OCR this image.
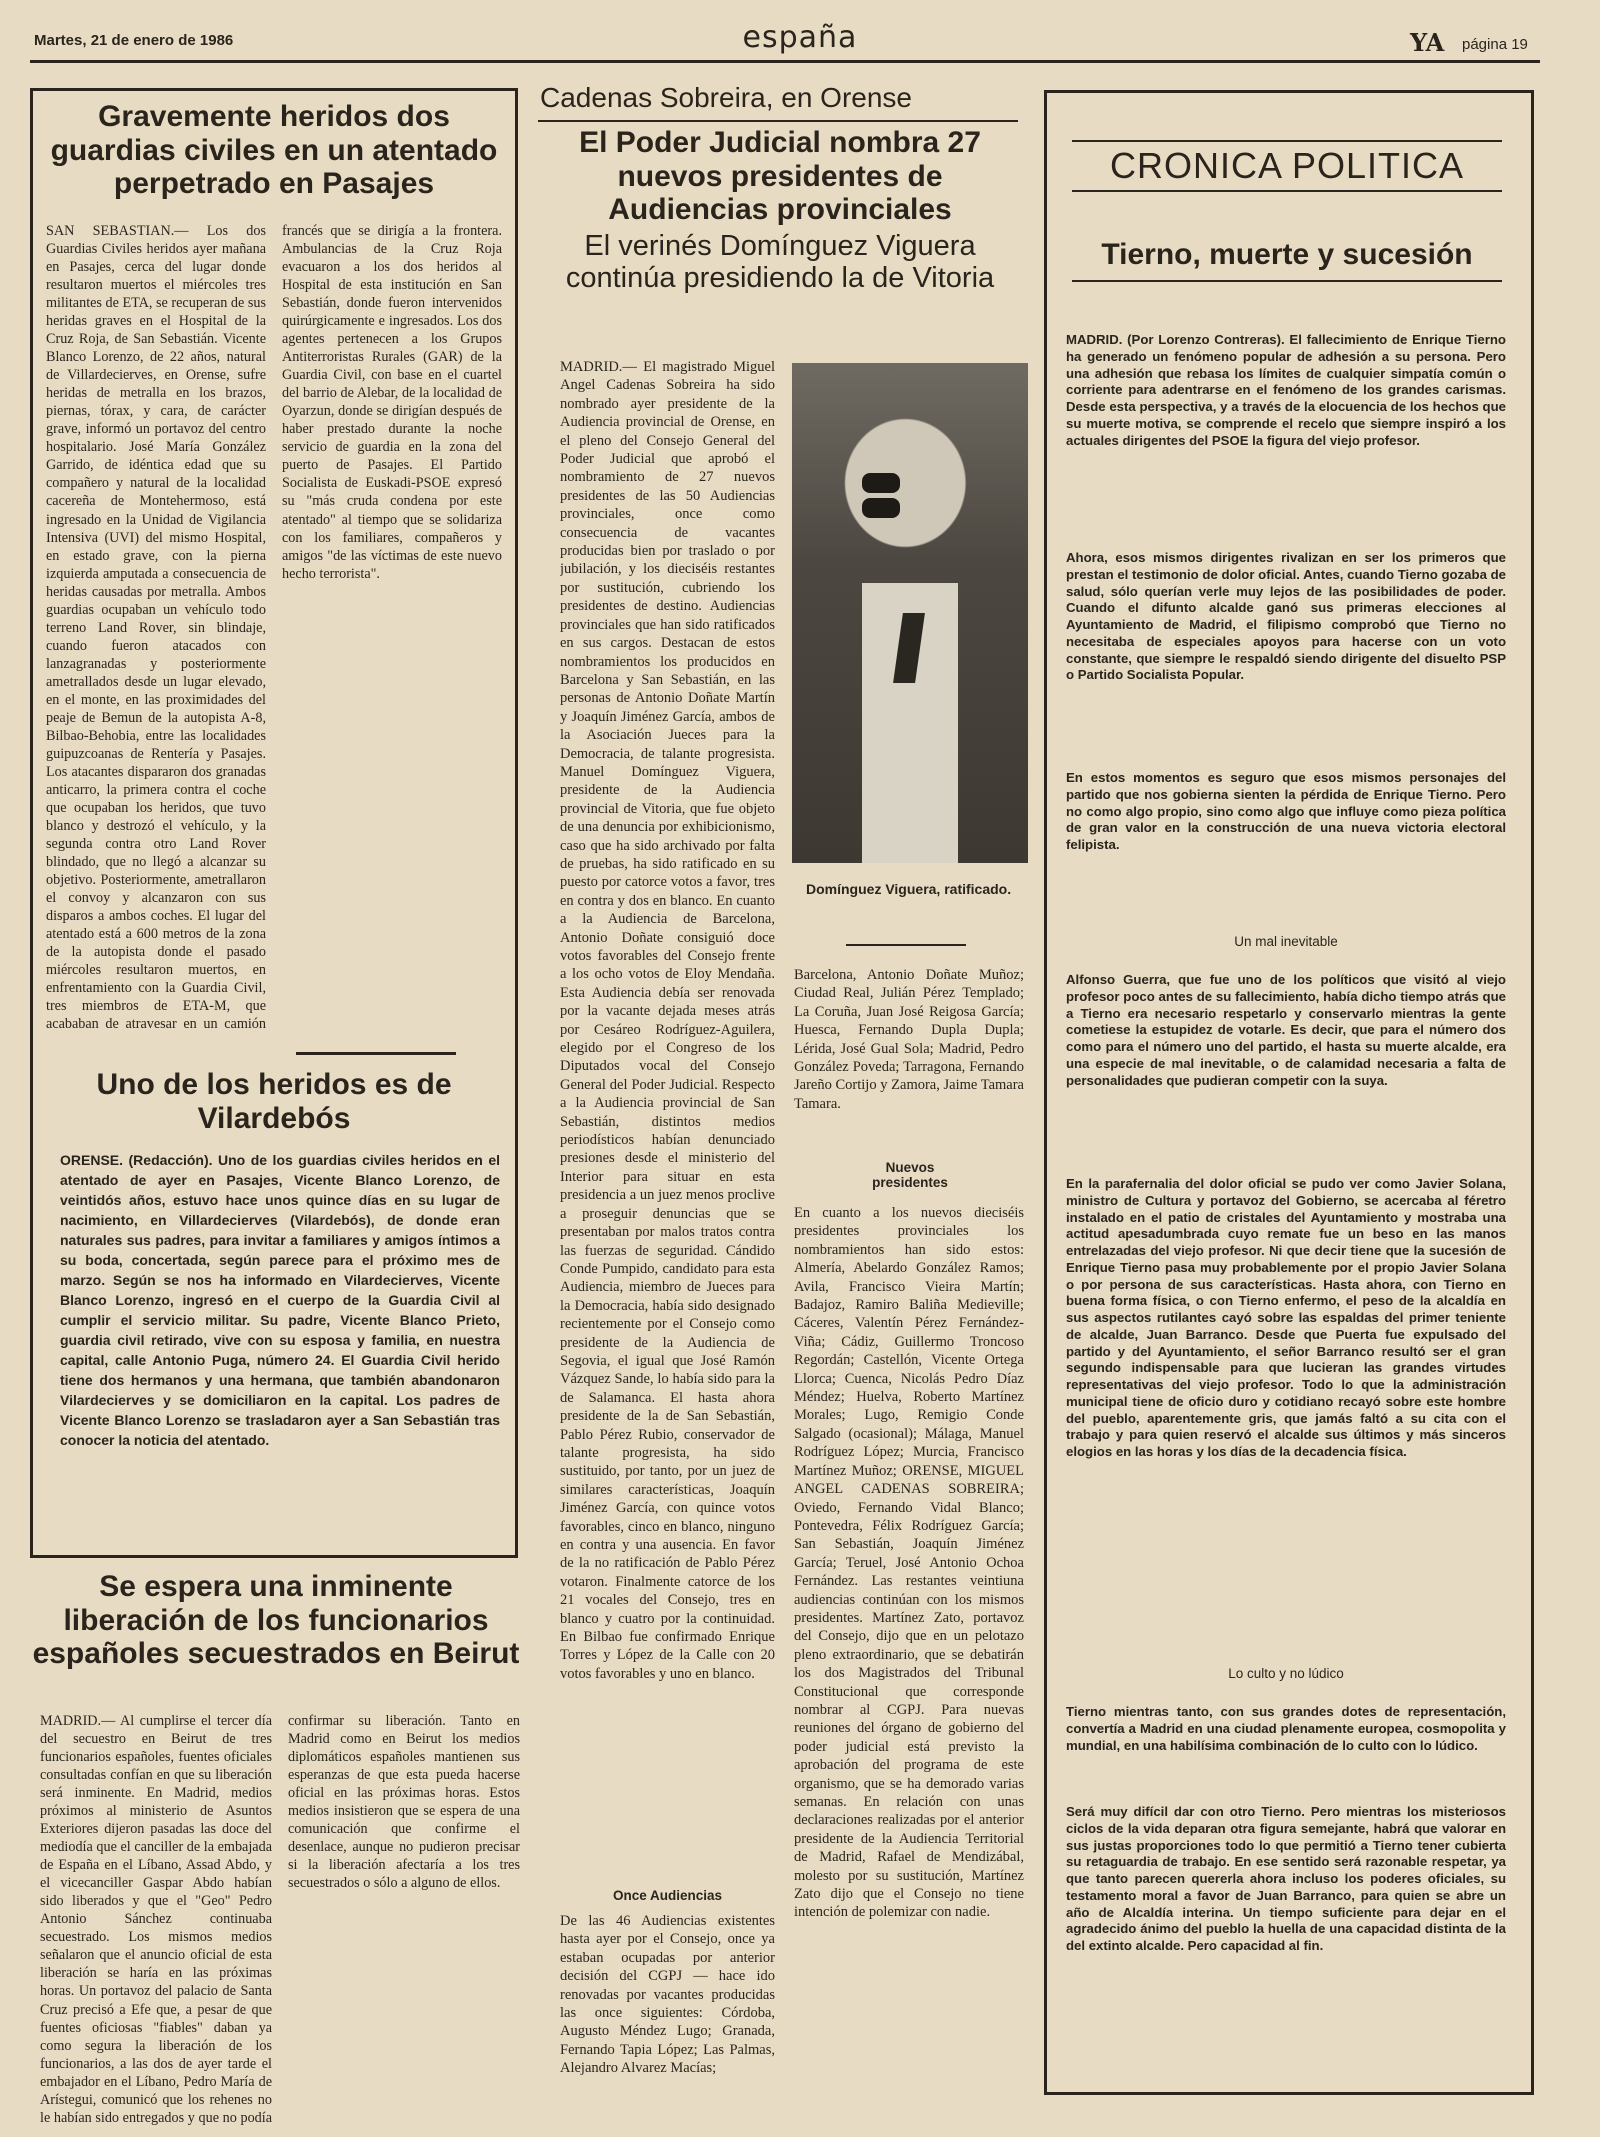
Martes, 21 de enero de 1986	españa	YA página 19
Gravemente heridos dos guardias civiles en un atentado perpetrado en Pasajes
SAN SEBASTIAN.— Los dos Guardias Civiles heridos ayer mañana en Pasajes, cerca del lugar donde resultaron muertos el miércoles tres militantes de ETA, se recuperan de sus heridas graves en el Hospital de la Cruz Roja, de San Sebastián. Vicente Blanco Lorenzo, de 22 años, natural de Villardecierves, en Orense, sufre heridas de metralla en los brazos, piernas, tórax, y cara, de carácter grave, informó un portavoz del centro hospitalario. José María González Garrido, de idéntica edad que su compañero y natural de la localidad cacereña de Montehermoso, está ingresado en la Unidad de Vigilancia Intensiva (UVI) del mismo Hospital, en estado grave, con la pierna izquierda amputada a consecuencia de heridas causadas por metralla. Ambos guardias ocupaban un vehículo todo terreno Land Rover, sin blindaje, cuando fueron atacados con lanzagranadas y posteriormente ametrallados desde un lugar elevado, en el monte, en las proximidades del peaje de Bemun de la autopista A-8, Bilbao-Behobia, entre las localidades guipuzcoanas de Rentería y Pasajes. Los atacantes dispararon dos granadas anticarro, la primera contra el coche que ocupaban los heridos, que tuvo blanco y destrozó el vehículo, y la segunda contra otro Land Rover blindado, que no llegó a alcanzar su objetivo. Posteriormente, ametrallaron el convoy y alcanzaron con sus disparos a ambos coches. El lugar del atentado está a 600 metros de la zona de la autopista donde el pasado miércoles resultaron muertos, en enfrentamiento con la Guardia Civil, tres miembros de ETA-M, que acababan de atravesar en un camión francés que se dirigía a la frontera. Ambulancias de la Cruz Roja evacuaron a los dos heridos al Hospital de esta institución en San Sebastián, donde fueron intervenidos quirúrgicamente e ingresados. Los dos agentes pertenecen a los Grupos Antiterroristas Rurales (GAR) de la Guardia Civil, con base en el cuartel del barrio de Alebar, de la localidad de Oyarzun, donde se dirigían después de haber prestado durante la noche servicio de guardia en la zona del puerto de Pasajes. El Partido Socialista de Euskadi-PSOE expresó su "más cruda condena por este atentado" al tiempo que se solidariza con los familiares, compañeros y amigos "de las víctimas de este nuevo hecho terrorista".
Uno de los heridos es de Vilardebós
ORENSE. (Redacción). Uno de los guardias civiles heridos en el atentado de ayer en Pasajes, Vicente Blanco Lorenzo, de veintidós años, estuvo hace unos quince días en su lugar de nacimiento, en Villardecierves (Vilardebós), de donde eran naturales sus padres, para invitar a familiares y amigos íntimos a su boda, concertada, según parece para el próximo mes de marzo. Según se nos ha informado en Vilardecierves, Vicente Blanco Lorenzo, ingresó en el cuerpo de la Guardia Civil al cumplir el servicio militar. Su padre, Vicente Blanco Prieto, guardia civil retirado, vive con su esposa y familia, en nuestra capital, calle Antonio Puga, número 24. El Guardia Civil herido tiene dos hermanos y una hermana, que también abandonaron Vilardecierves y se domiciliaron en la capital. Los padres de Vicente Blanco Lorenzo se trasladaron ayer a San Sebastián tras conocer la noticia del atentado.
Se espera una inminente liberación de los funcionarios españoles secuestrados en Beirut
MADRID.— Al cumplirse el tercer día del secuestro en Beirut de tres funcionarios españoles, fuentes oficiales consultadas confían en que su liberación será inminente. En Madrid, medios próximos al ministerio de Asuntos Exteriores dijeron pasadas las doce del mediodía que el canciller de la embajada de España en el Líbano, Assad Abdo, y el vicecanciller Gaspar Abdo habían sido liberados y que el "Geo" Pedro Antonio Sánchez continuaba secuestrado. Los mismos medios señalaron que el anuncio oficial de esta liberación se haría en las próximas horas. Un portavoz del palacio de Santa Cruz precisó a Efe que, a pesar de que fuentes oficiosas "fiables" daban ya como segura la liberación de los funcionarios, a las dos de ayer tarde el embajador en el Líbano, Pedro María de Arístegui, comunicó que los rehenes no le habían sido entregados y que no podía confirmar su liberación. Tanto en Madrid como en Beirut los medios diplomáticos españoles mantienen sus esperanzas de que esta pueda hacerse oficial en las próximas horas. Estos medios insistieron que se espera de una comunicación que confirme el desenlace, aunque no pudieron precisar si la liberación afectaría a los tres secuestrados o sólo a alguno de ellos.
Cadenas Sobreira, en Orense
El Poder Judicial nombra 27 nuevos presidentes de Audiencias provinciales
El verinés Domínguez Viguera continúa presidiendo la de Vitoria
MADRID.— El magistrado Miguel Angel Cadenas Sobreira ha sido nombrado ayer presidente de la Audiencia provincial de Orense, en el pleno del Consejo General del Poder Judicial que aprobó el nombramiento de 27 nuevos presidentes de las 50 Audiencias provinciales, once como consecuencia de vacantes producidas bien por traslado o por jubilación, y los dieciséis restantes por sustitución, cubriendo los presidentes de destino. Audiencias provinciales que han sido ratificados en sus cargos. Destacan de estos nombramientos los producidos en Barcelona y San Sebastián, en las personas de Antonio Doñate Martín y Joaquín Jiménez García, ambos de la Asociación Jueces para la Democracia, de talante progresista. Manuel Domínguez Viguera, presidente de la Audiencia provincial de Vitoria, que fue objeto de una denuncia por exhibicionismo, caso que ha sido archivado por falta de pruebas, ha sido ratificado en su puesto por catorce votos a favor, tres en contra y dos en blanco. En cuanto a la Audiencia de Barcelona, Antonio Doñate consiguió doce votos favorables del Consejo frente a los ocho votos de Eloy Mendaña. Esta Audiencia debía ser renovada por la vacante dejada meses atrás por Cesáreo Rodríguez-Aguilera, elegido por el Congreso de los Diputados vocal del Consejo General del Poder Judicial. Respecto a la Audiencia provincial de San Sebastián, distintos medios periodísticos habían denunciado presiones desde el ministerio del Interior para situar en esta presidencia a un juez menos proclive a proseguir denuncias que se presentaban por malos tratos contra las fuerzas de seguridad. Cándido Conde Pumpido, candidato para esta Audiencia, miembro de Jueces para la Democracia, había sido designado recientemente por el Consejo como presidente de la Audiencia de Segovia, el igual que José Ramón Vázquez Sande, lo había sido para la de Salamanca. El hasta ahora presidente de la de San Sebastián, Pablo Pérez Rubio, conservador de talante progresista, ha sido sustituido, por tanto, por un juez de similares características, Joaquín Jiménez García, con quince votos favorables, cinco en blanco, ninguno en contra y una ausencia. En favor de la no ratificación de Pablo Pérez votaron. Finalmente catorce de los 21 vocales del Consejo, tres en blanco y cuatro por la continuidad. En Bilbao fue confirmado Enrique Torres y López de la Calle con 20 votos favorables y uno en blanco.
Once Audiencias
De las 46 Audiencias existentes hasta ayer por el Consejo, once ya estaban ocupadas por anterior decisión del CGPJ — hace ido renovadas por vacantes producidas las once siguientes: Córdoba, Augusto Méndez Lugo; Granada, Fernando Tapia López; Las Palmas, Alejandro Alvarez Macías;

Domínguez Viguera, ratificado.

Barcelona, Antonio Doñate Muñoz; Ciudad Real, Julián Pérez Templado; La Coruña, Juan José Reigosa García; Huesca, Fernando Dupla Dupla; Lérida, José Gual Sola; Madrid, Pedro González Poveda; Tarragona, Fernando Jareño Cortijo y Zamora, Jaime Tamara Tamara.
Nuevos presidentes
En cuanto a los nuevos dieciséis presidentes provinciales los nombramientos han sido estos: Almería, Abelardo González Ramos; Avila, Francisco Vieira Martín; Badajoz, Ramiro Baliña Medieville; Cáceres, Valentín Pérez Fernández-Viña; Cádiz, Guillermo Troncoso Regordán; Castellón, Vicente Ortega Llorca; Cuenca, Nicolás Pedro Díaz Méndez; Huelva, Roberto Martínez Morales; Lugo, Remigio Conde Salgado (ocasional); Málaga, Manuel Rodríguez López; Murcia, Francisco Martínez Muñoz; ORENSE, MIGUEL ANGEL CADENAS SOBREIRA; Oviedo, Fernando Vidal Blanco; Pontevedra, Félix Rodríguez García; San Sebastián, Joaquín Jiménez García; Teruel, José Antonio Ochoa Fernández. Las restantes veintiuna audiencias continúan con los mismos presidentes. Martínez Zato, portavoz del Consejo, dijo que en un pelotazo pleno extraordinario, que se debatirán los dos Magistrados del Tribunal Constitucional que corresponde nombrar al CGPJ. Para nuevas reuniones del órgano de gobierno del poder judicial está previsto la aprobación del programa de este organismo, que se ha demorado varias semanas. En relación con unas declaraciones realizadas por el anterior presidente de la Audiencia Territorial de Madrid, Rafael de Mendizábal, molesto por su sustitución, Martínez Zato dijo que el Consejo no tiene intención de polemizar con nadie.
CRONICA POLITICA
Tierno, muerte y sucesión
MADRID. (Por Lorenzo Contreras). El fallecimiento de Enrique Tierno ha generado un fenómeno popular de adhesión a su persona. Pero una adhesión que rebasa los límites de cualquier simpatía común o corriente para adentrarse en el fenómeno de los grandes carismas. Desde esta perspectiva, y a través de la elocuencia de los hechos que su muerte motiva, se comprende el recelo que siempre inspiró a los actuales dirigentes del PSOE la figura del viejo profesor.
Ahora, esos mismos dirigentes rivalizan en ser los primeros que prestan el testimonio de dolor oficial. Antes, cuando Tierno gozaba de salud, sólo querían verle muy lejos de las posibilidades de poder. Cuando el difunto alcalde ganó sus primeras elecciones al Ayuntamiento de Madrid, el filipismo comprobó que Tierno no necesitaba de especiales apoyos para hacerse con un voto constante, que siempre le respaldó siendo dirigente del disuelto PSP o Partido Socialista Popular.
En estos momentos es seguro que esos mismos personajes del partido que nos gobierna sienten la pérdida de Enrique Tierno. Pero no como algo propio, sino como algo que influye como pieza política de gran valor en la construcción de una nueva victoria electoral felipista.
Un mal inevitable
Alfonso Guerra, que fue uno de los políticos que visitó al viejo profesor poco antes de su fallecimiento, había dicho tiempo atrás que a Tierno era necesario respetarlo y conservarlo mientras la gente cometiese la estupidez de votarle. Es decir, que para el número dos como para el número uno del partido, el hasta su muerte alcalde, era una especie de mal inevitable, o de calamidad necesaria a falta de personalidades que pudieran competir con la suya.
En la parafernalia del dolor oficial se pudo ver como Javier Solana, ministro de Cultura y portavoz del Gobierno, se acercaba al féretro instalado en el patio de cristales del Ayuntamiento y mostraba una actitud apesadumbrada cuyo remate fue un beso en las manos entrelazadas del viejo profesor. Ni que decir tiene que la sucesión de Enrique Tierno pasa muy probablemente por el propio Javier Solana o por persona de sus características. Hasta ahora, con Tierno en buena forma física, o con Tierno enfermo, el peso de la alcaldía en sus aspectos rutilantes cayó sobre las espaldas del primer teniente de alcalde, Juan Barranco. Desde que Puerta fue expulsado del partido y del Ayuntamiento, el señor Barranco resultó ser el gran segundo indispensable para que lucieran las grandes virtudes representativas del viejo profesor. Todo lo que la administración municipal tiene de oficio duro y cotidiano recayó sobre este hombre del pueblo, aparentemente gris, que jamás faltó a su cita con el trabajo y para quien reservó el alcalde sus últimos y más sinceros elogios en las horas y los días de la decadencia física.
Lo culto y no lúdico
Tierno mientras tanto, con sus grandes dotes de representación, convertía a Madrid en una ciudad plenamente europea, cosmopolita y mundial, en una habilísima combinación de lo culto con lo lúdico.
Será muy difícil dar con otro Tierno. Pero mientras los misteriosos ciclos de la vida deparan otra figura semejante, habrá que valorar en sus justas proporciones todo lo que permitió a Tierno tener cubierta su retaguardia de trabajo. En ese sentido será razonable respetar, ya que tanto parecen quererla ahora incluso los poderes oficiales, su testamento moral a favor de Juan Barranco, para quien se abre un año de Alcaldía interina. Un tiempo suficiente para dejar en el agradecido ánimo del pueblo la huella de una capacidad distinta de la del extinto alcalde. Pero capacidad al fin.
